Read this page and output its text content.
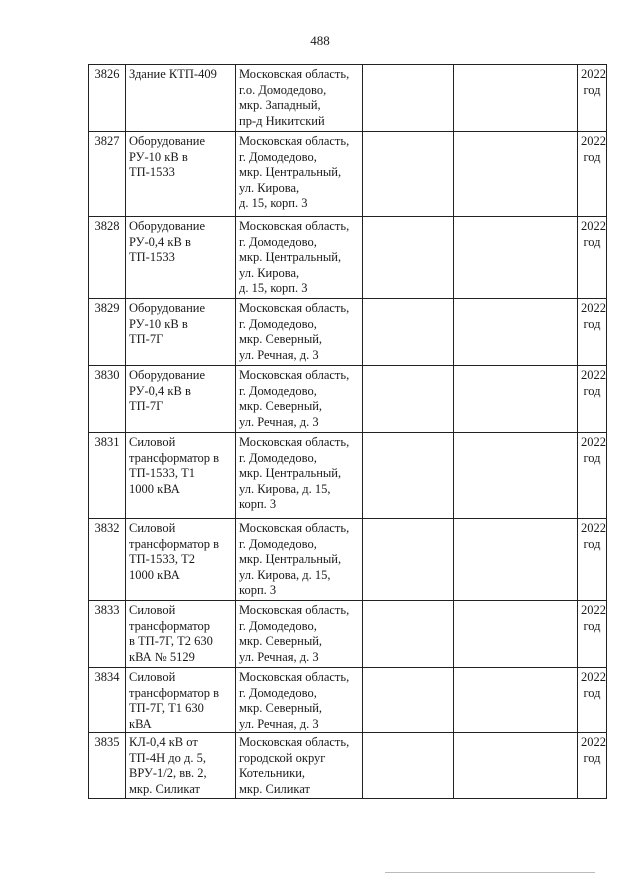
488
3826	Здание КТП-409	Московская область,
г.о. Домодедово,
мкр. Западный,
пр-д Никитский			2022
год
3827	Оборудование
РУ-10 кВ в
ТП-1533	Московская область,
г. Домодедово,
мкр. Центральный,
ул. Кирова,
д. 15, корп. 3			2022
год
3828	Оборудование
РУ-0,4 кВ в
ТП-1533	Московская область,
г. Домодедово,
мкр. Центральный,
ул. Кирова,
д. 15, корп. 3			2022
год
3829	Оборудование
РУ-10 кВ в
ТП-7Г	Московская область,
г. Домодедово,
мкр. Северный,
ул. Речная, д. 3			2022
год
3830	Оборудование
РУ-0,4 кВ в
ТП-7Г	Московская область,
г. Домодедово,
мкр. Северный,
ул. Речная, д. 3			2022
год
3831	Силовой
трансформатор в
ТП-1533, Т1
1000 кВА	Московская область,
г. Домодедово,
мкр. Центральный,
ул. Кирова, д. 15,
корп. 3			2022
год
3832	Силовой
трансформатор в
ТП-1533, Т2
1000 кВА	Московская область,
г. Домодедово,
мкр. Центральный,
ул. Кирова, д. 15,
корп. 3			2022
год
3833	Силовой
трансформатор
в ТП-7Г, Т2 630
кВА № 5129	Московская область,
г. Домодедово,
мкр. Северный,
ул. Речная, д. 3			2022
год
3834	Силовой
трансформатор в
ТП-7Г, Т1 630
кВА	Московская область,
г. Домодедово,
мкр. Северный,
ул. Речная, д. 3			2022
год
3835	КЛ-0,4 кВ от
ТП-4Н до д. 5,
ВРУ-1/2, вв. 2,
мкр. Силикат	Московская область,
городской округ
Котельники,
мкр. Силикат			2022
год
